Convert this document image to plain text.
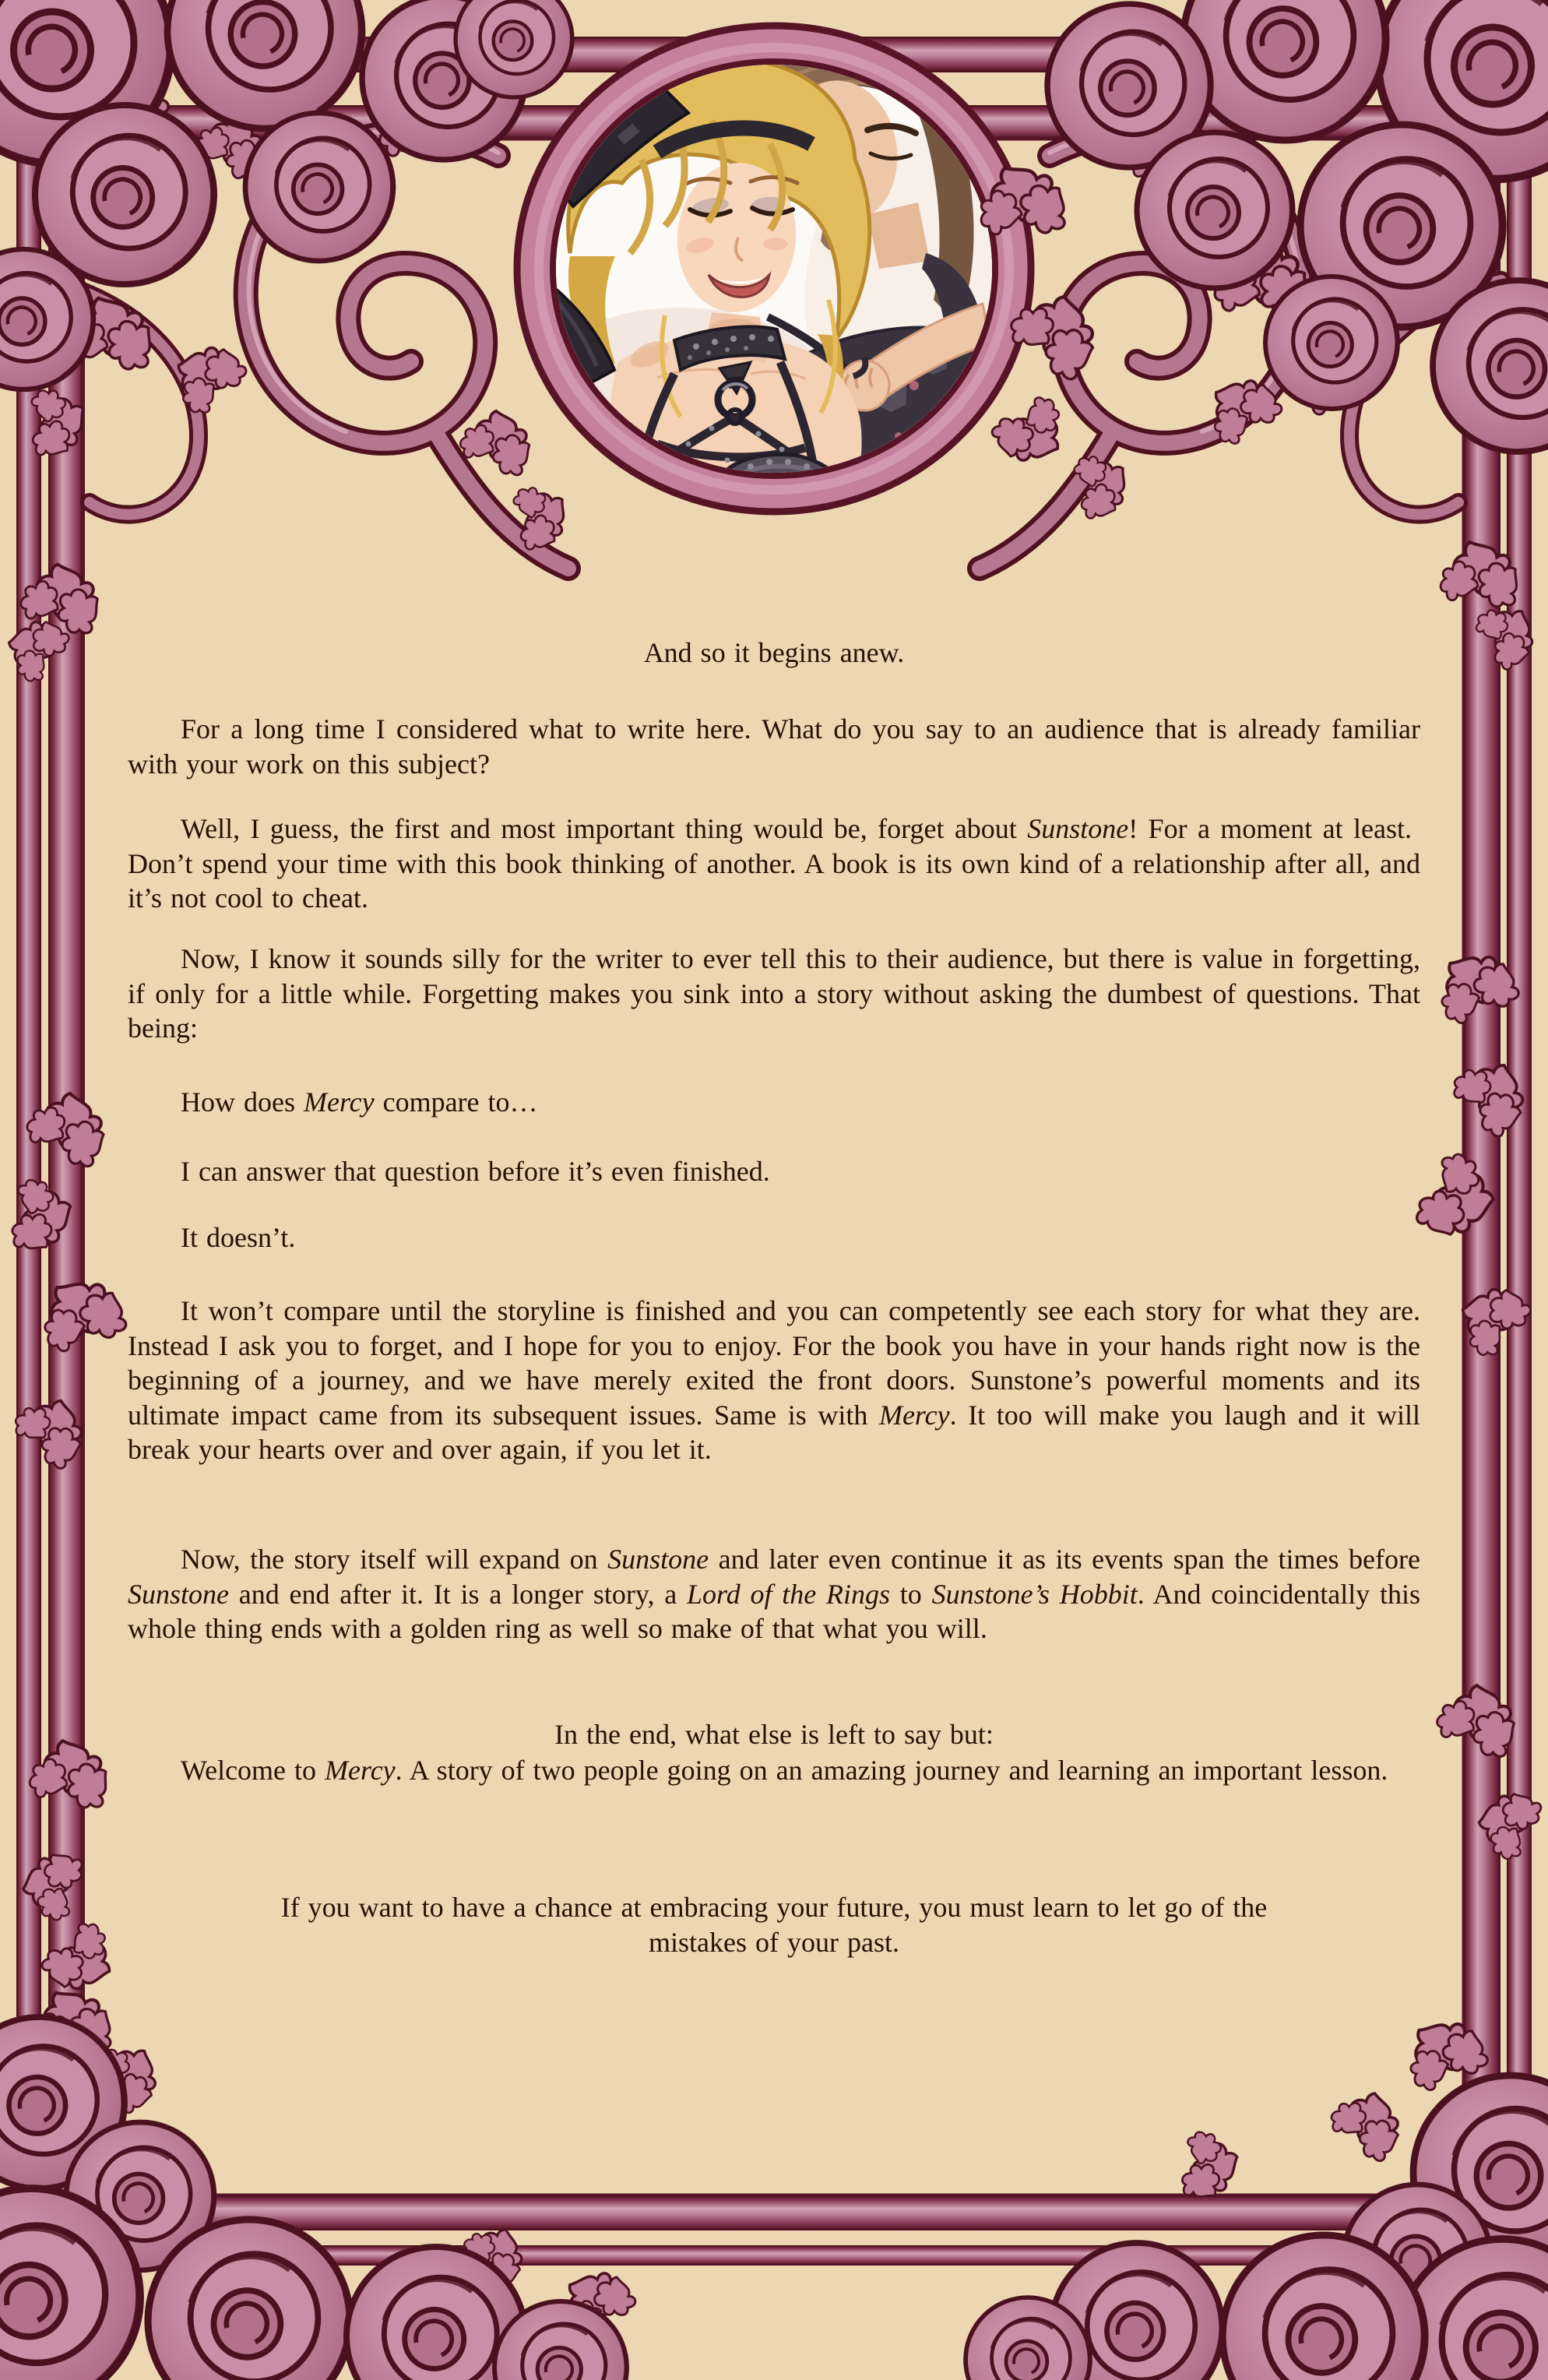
And so it begins anew.
For a long time I considered what to write here. What do you say to an audience that is already familiar with your work on this subject?
Well, I guess, the first and most important thing would be, forget about Sunstone! For a moment at least.  Don’t spend your time with this book thinking of another. A book is its own kind of a relationship after all, and it’s not cool to cheat.
Now, I know it sounds silly for the writer to ever tell this to their audience, but there is value in forgetting, if only for a little while. Forgetting makes you sink into a story without asking the dumbest of questions. That being:
How does Mercy compare to…
I can answer that question before it’s even finished.
It doesn’t.
It won’t compare until the storyline is finished and you can competently see each story for what they are. Instead I ask you to forget, and I hope for you to enjoy. For the book you have in your hands right now is the beginning of a journey, and we have merely exited the front doors. Sunstone’s powerful moments and its ultimate impact came from its subsequent issues. Same is with Mercy. It too will make you laugh and it will break your hearts over and over again, if you let it.
Now, the story itself will expand on Sunstone and later even continue it as its events span the times before Sunstone and end after it. It is a longer story, a Lord of the Rings to Sunstone’s Hobbit. And coincidentally this whole thing ends with a golden ring as well so make of that what you will.
In the end, what else is left to say but:
Welcome to Mercy. A story of two people going on an amazing journey and learning an important lesson.
If you want to have a chance at embracing your future, you must learn to let go of the
mistakes of your past.
